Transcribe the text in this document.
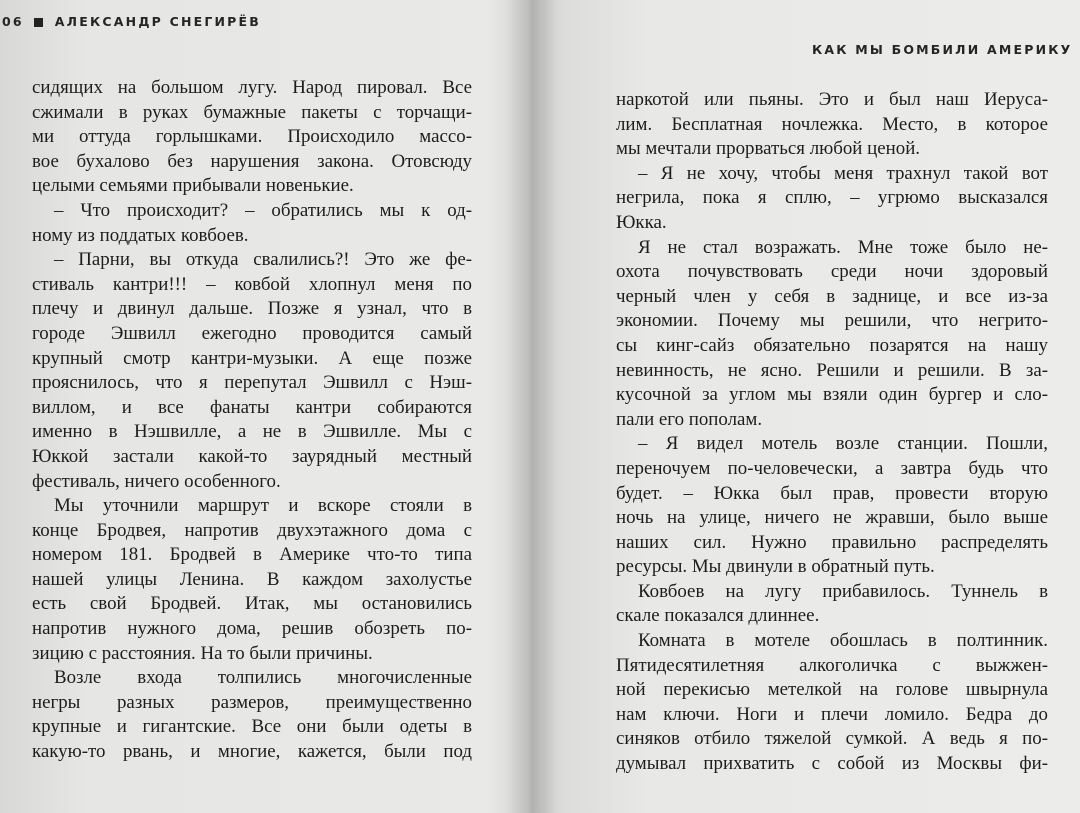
06 АЛЕКСАНДР СНЕГИРЁВ
сидящих на большом лугу. Народ пировал. Все
сжимали в руках бумажные пакеты с торчащи-
ми оттуда горлышками. Происходило массо-
вое бухалово без нарушения закона. Отовсюду
целыми семьями прибывали новенькие.
– Что происходит? – обратились мы к од-
ному из поддатых ковбоев.
– Парни, вы откуда свалились?! Это же фе-
стиваль кантри!!! – ковбой хлопнул меня по
плечу и двинул дальше. Позже я узнал, что в
городе Эшвилл ежегодно проводится самый
крупный смотр кантри-музыки. А еще позже
прояснилось, что я перепутал Эшвилл с Нэш-
виллом, и все фанаты кантри собираются
именно в Нэшвилле, а не в Эшвилле. Мы с
Юккой застали какой-то заурядный местный
фестиваль, ничего особенного.
Мы уточнили маршрут и вскоре стояли в
конце Бродвея, напротив двухэтажного дома с
номером 181. Бродвей в Америке что-то типа
нашей улицы Ленина. В каждом захолустье
есть свой Бродвей. Итак, мы остановились
напротив нужного дома, решив обозреть по-
зицию с расстояния. На то были причины.
Возле входа толпились многочисленные
негры разных размеров, преимущественно
крупные и гигантские. Все они были одеты в
какую-то рвань, и многие, кажется, были под
КАК МЫ БОМБИЛИ АМЕРИКУ
наркотой или пьяны. Это и был наш Иеруса-
лим. Бесплатная ночлежка. Место, в которое
мы мечтали прорваться любой ценой.
– Я не хочу, чтобы меня трахнул такой вот
негрила, пока я сплю, – угрюмо высказался
Юкка.
Я не стал возражать. Мне тоже было не-
охота почувствовать среди ночи здоровый
черный член у себя в заднице, и все из-за
экономии. Почему мы решили, что негрито-
сы кинг-сайз обязательно позарятся на нашу
невинность, не ясно. Решили и решили. В за-
кусочной за углом мы взяли один бургер и сло-
пали его пополам.
– Я видел мотель возле станции. Пошли,
переночуем по-человечески, а завтра будь что
будет. – Юкка был прав, провести вторую
ночь на улице, ничего не жравши, было выше
наших сил. Нужно правильно распределять
ресурсы. Мы двинули в обратный путь.
Ковбоев на лугу прибавилось. Туннель в
скале показался длиннее.
Комната в мотеле обошлась в полтинник.
Пятидесятилетняя алкоголичка с выжжен-
ной перекисью метелкой на голове швырнула
нам ключи. Ноги и плечи ломило. Бедра до
синяков отбило тяжелой сумкой. А ведь я по-
думывал прихватить с собой из Москвы фи-
